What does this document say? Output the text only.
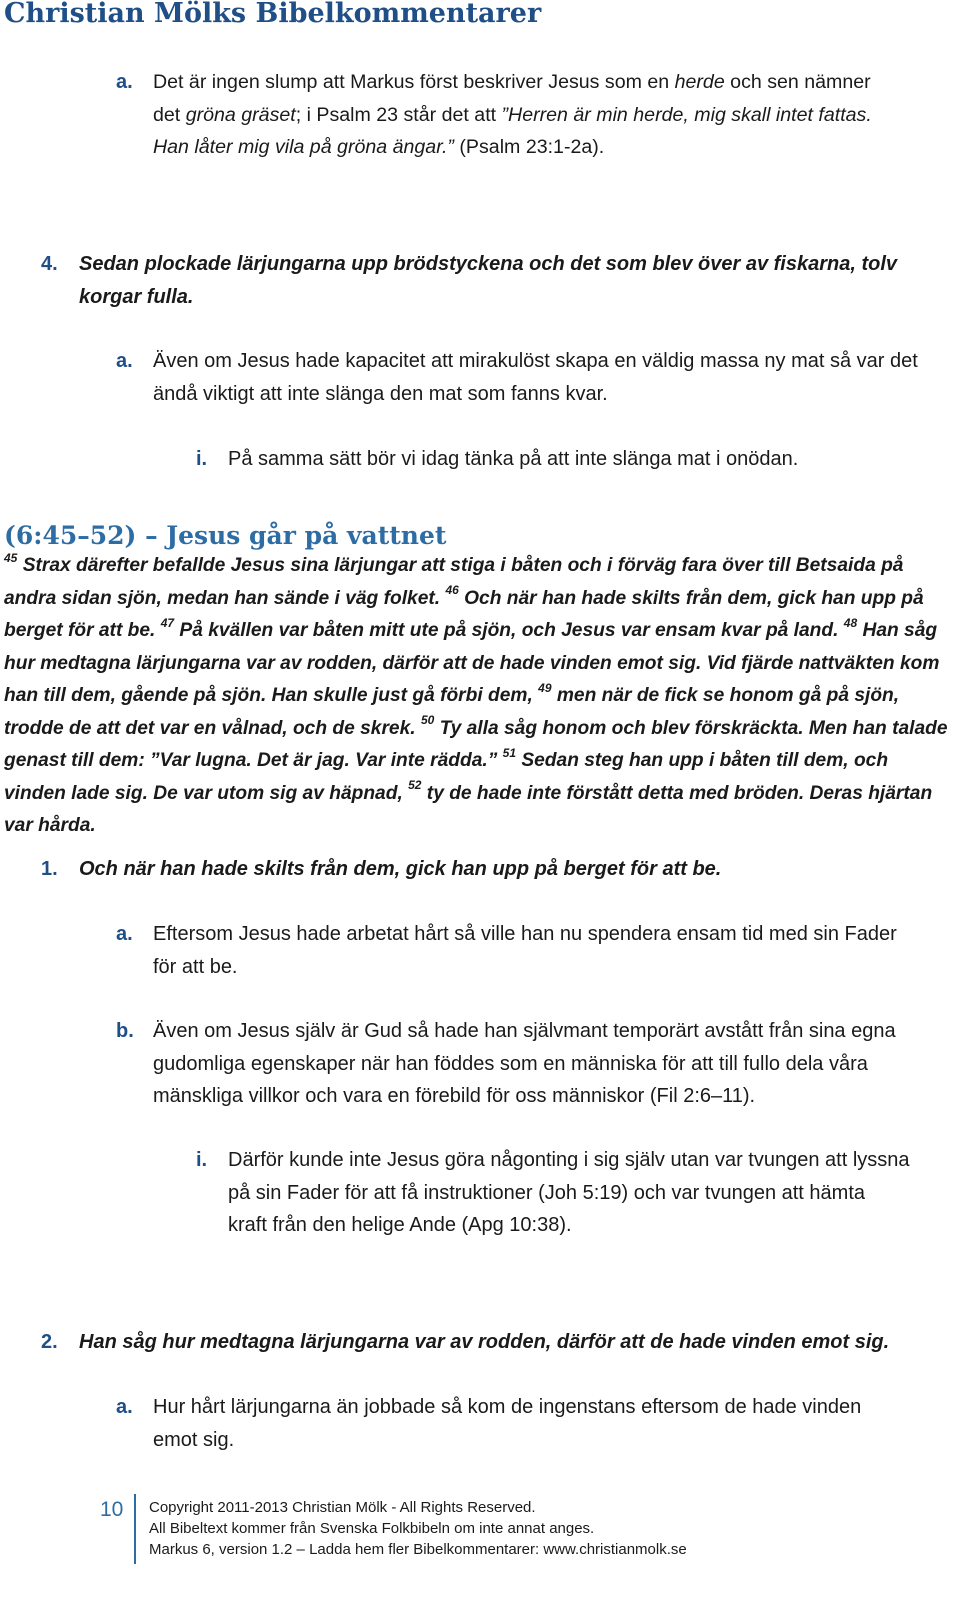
Christian Mölks Bibelkommentarer
a. Det är ingen slump att Markus först beskriver Jesus som en herde och sen nämner
det gröna gräset; i Psalm 23 står det att ”Herren är min herde, mig skall intet fattas.
Han låter mig vila på gröna ängar.” (Psalm 23:1-2a).
4. Sedan plockade lärjungarna upp brödstyckena och det som blev över av fiskarna, tolv
korgar fulla.
a. Även om Jesus hade kapacitet att mirakulöst skapa en väldig massa ny mat så var det
ändå viktigt att inte slänga den mat som fanns kvar.
i. På samma sätt bör vi idag tänka på att inte slänga mat i onödan.
(6:45–52) – Jesus går på vattnet
$^{45}$ Strax därefter befallde Jesus sina lärjungar att stiga i båten och i förväg fara över till Betsaida på andra sidan sjön, medan han sände i väg folket. $^{46}$ Och när han hade skilts från dem, gick han upp på berget för att be. $^{47}$ På kvällen var båten mitt ute på sjön, och Jesus var ensam kvar på land. $^{48}$ Han såg hur medtagna lärjungarna var av rodden, därför att de hade vinden emot sig. Vid fjärde nattväkten kom han till dem, gående på sjön. Han skulle just gå förbi dem, $^{49}$ men när de fick se honom gå på sjön, trodde de att det var en vålnad, och de skrek. $^{50}$ Ty alla såg honom och blev förskräckta. Men han talade genast till dem: ”Var lugna. Det är jag. Var inte rädda.” $^{51}$ Sedan steg han upp i båten till dem, och vinden lade sig. De var utom sig av häpnad, $^{52}$ ty de hade inte förstått detta med bröden. Deras hjärtan var hårda.
1. Och när han hade skilts från dem, gick han upp på berget för att be.
a. Eftersom Jesus hade arbetat hårt så ville han nu spendera ensam tid med sin Fader
för att be.
b. Även om Jesus själv är Gud så hade han självmant temporärt avstått från sina egna
gudomliga egenskaper när han föddes som en människa för att till fullo dela våra
mänskliga villkor och vara en förebild för oss människor (Fil 2:6–11).
i. Därför kunde inte Jesus göra någonting i sig själv utan var tvungen att lyssna
på sin Fader för att få instruktioner (Joh 5:19) och var tvungen att hämta
kraft från den helige Ande (Apg 10:38).
2. Han såg hur medtagna lärjungarna var av rodden, därför att de hade vinden emot sig.
a. Hur hårt lärjungarna än jobbade så kom de ingenstans eftersom de hade vinden
emot sig.
10 Copyright 2011-2013 Christian Mölk - All Rights Reserved.
All Bibeltext kommer från Svenska Folkbibeln om inte annat anges.
Markus 6, version 1.2 – Ladda hem fler Bibelkommentarer: www.christianmolk.se
